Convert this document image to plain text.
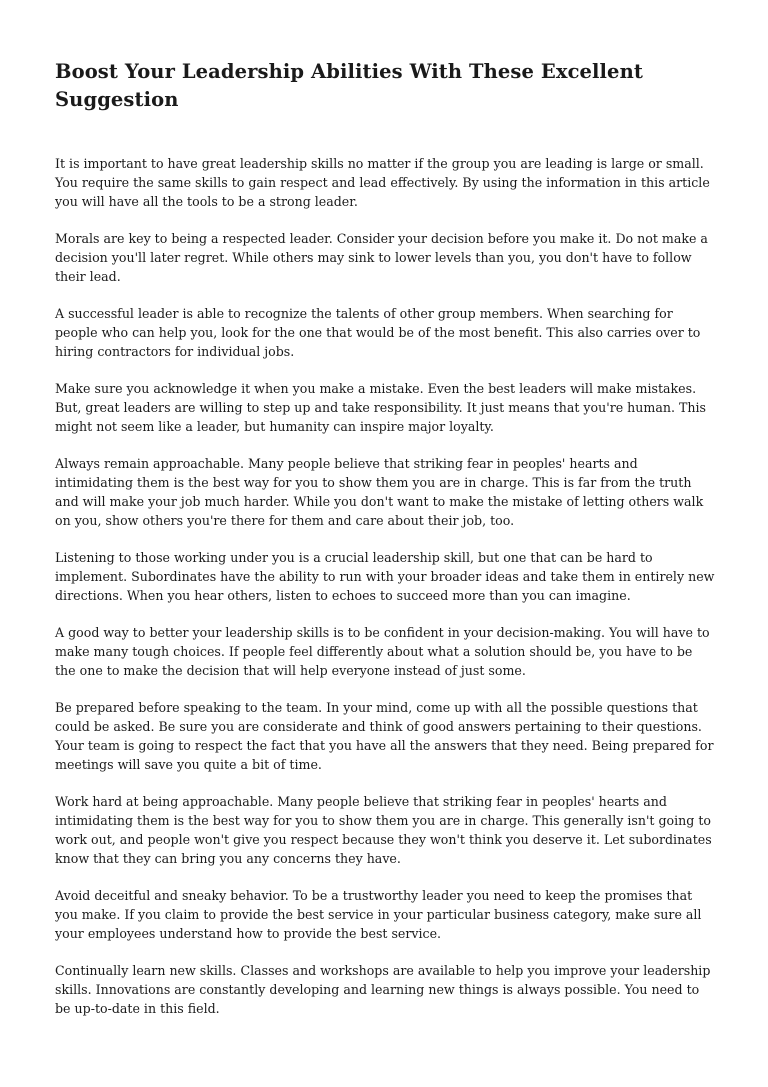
Boost Your Leadership Abilities With These Excellent Suggestion

It is important to have great leadership skills no matter if the group you are leading is large or small. You require the same skills to gain respect and lead effectively. By using the information in this article you will have all the tools to be a strong leader.

Morals are key to being a respected leader. Consider your decision before you make it. Do not make a decision you'll later regret. While others may sink to lower levels than you, you don't have to follow their lead.

A successful leader is able to recognize the talents of other group members. When searching for people who can help you, look for the one that would be of the most benefit. This also carries over to hiring contractors for individual jobs.

Make sure you acknowledge it when you make a mistake. Even the best leaders will make mistakes. But, great leaders are willing to step up and take responsibility. It just means that you're human. This might not seem like a leader, but humanity can inspire major loyalty.

Always remain approachable. Many people believe that striking fear in peoples' hearts and intimidating them is the best way for you to show them you are in charge. This is far from the truth and will make your job much harder. While you don't want to make the mistake of letting others walk on you, show others you're there for them and care about their job, too.

Listening to those working under you is a crucial leadership skill, but one that can be hard to implement. Subordinates have the ability to run with your broader ideas and take them in entirely new directions. When you hear others, listen to echoes to succeed more than you can imagine.

A good way to better your leadership skills is to be confident in your decision-making. You will have to make many tough choices. If people feel differently about what a solution should be, you have to be the one to make the decision that will help everyone instead of just some.

Be prepared before speaking to the team. In your mind, come up with all the possible questions that could be asked. Be sure you are considerate and think of good answers pertaining to their questions. Your team is going to respect the fact that you have all the answers that they need. Being prepared for meetings will save you quite a bit of time.

Work hard at being approachable. Many people believe that striking fear in peoples' hearts and intimidating them is the best way for you to show them you are in charge. This generally isn't going to work out, and people won't give you respect because they won't think you deserve it. Let subordinates know that they can bring you any concerns they have.

Avoid deceitful and sneaky behavior. To be a trustworthy leader you need to keep the promises that you make. If you claim to provide the best service in your particular business category, make sure all your employees understand how to provide the best service.

Continually learn new skills. Classes and workshops are available to help you improve your leadership skills. Innovations are constantly developing and learning new things is always possible. You need to be up-to-date in this field.
